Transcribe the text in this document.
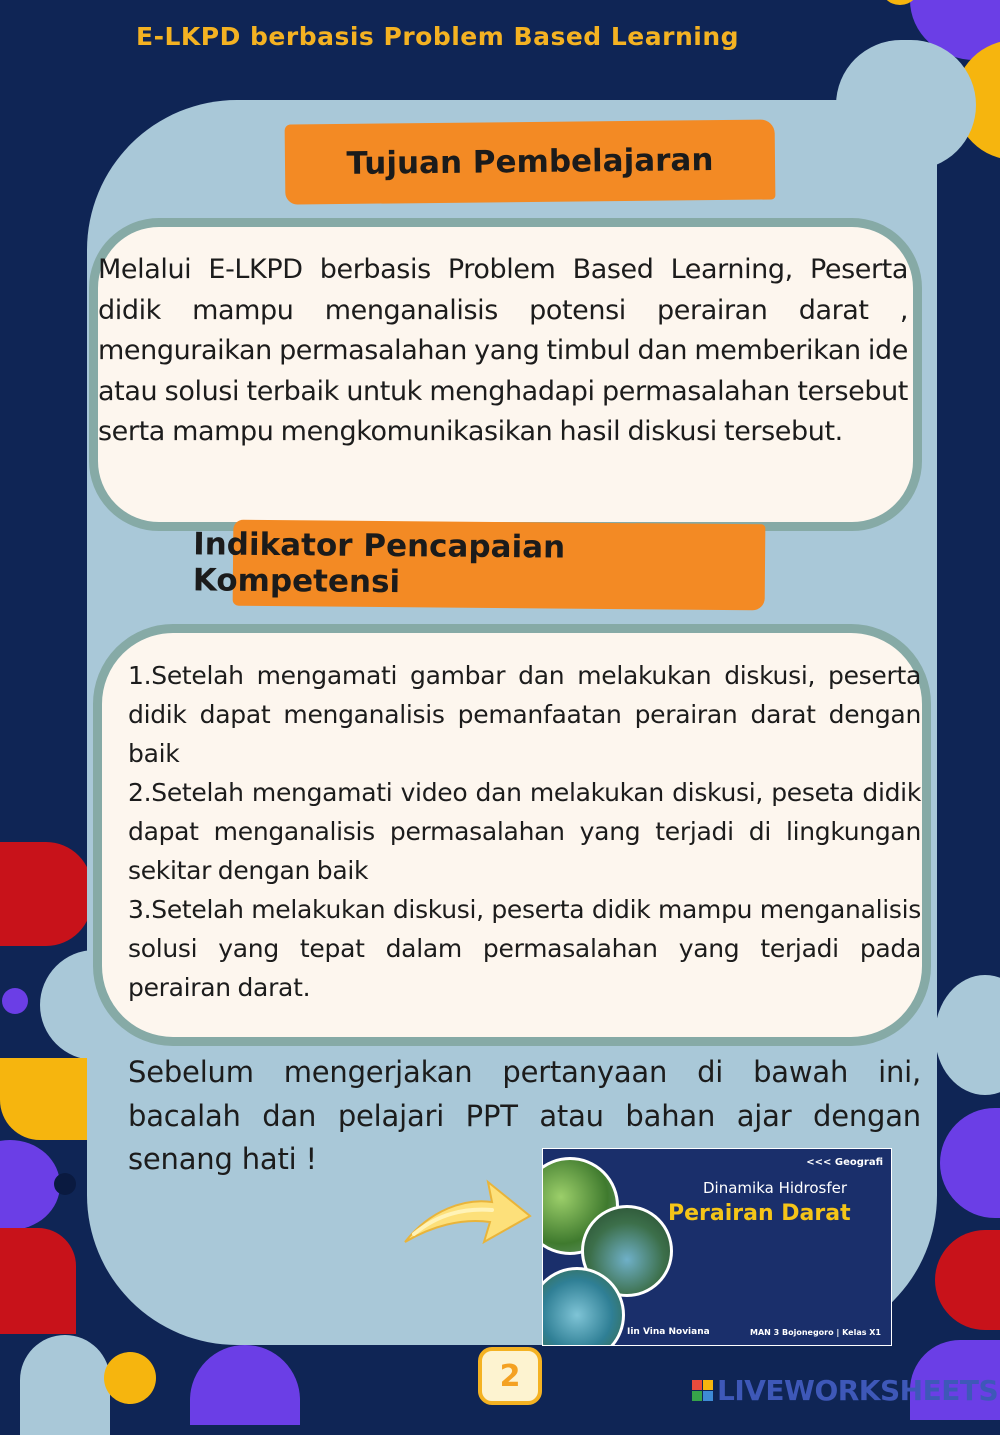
E-LKPD berbasis Problem Based Learning
Tujuan Pembelajaran
Melalui E-LKPD berbasis Problem Based Learning, Peserta didik mampu menganalisis potensi perairan darat , menguraikan permasalahan yang timbul dan memberikan ide atau solusi terbaik untuk menghadapi permasalahan tersebut serta mampu mengkomunikasikan hasil diskusi tersebut.
Indikator Pencapaian Kompetensi

1.Setelah mengamati gambar dan melakukan diskusi, peserta didik dapat menganalisis pemanfaatan perairan darat dengan baik

2.Setelah mengamati video dan melakukan diskusi, peseta didik dapat menganalisis permasalahan yang terjadi di lingkungan sekitar dengan baik

3.Setelah melakukan diskusi, peserta didik mampu menganalisis solusi yang tepat dalam permasalahan yang terjadi pada perairan darat.

Sebelum mengerjakan pertanyaan di bawah ini, bacalah dan pelajari PPT atau bahan ajar dengan senang hati !	<<< Geografi
Dinamika Hidrosfer
Perairan Darat
Iin Vina Noviana	MAN 3 Bojonegoro | Kelas X1
2	LIVEWORKSHEETS
